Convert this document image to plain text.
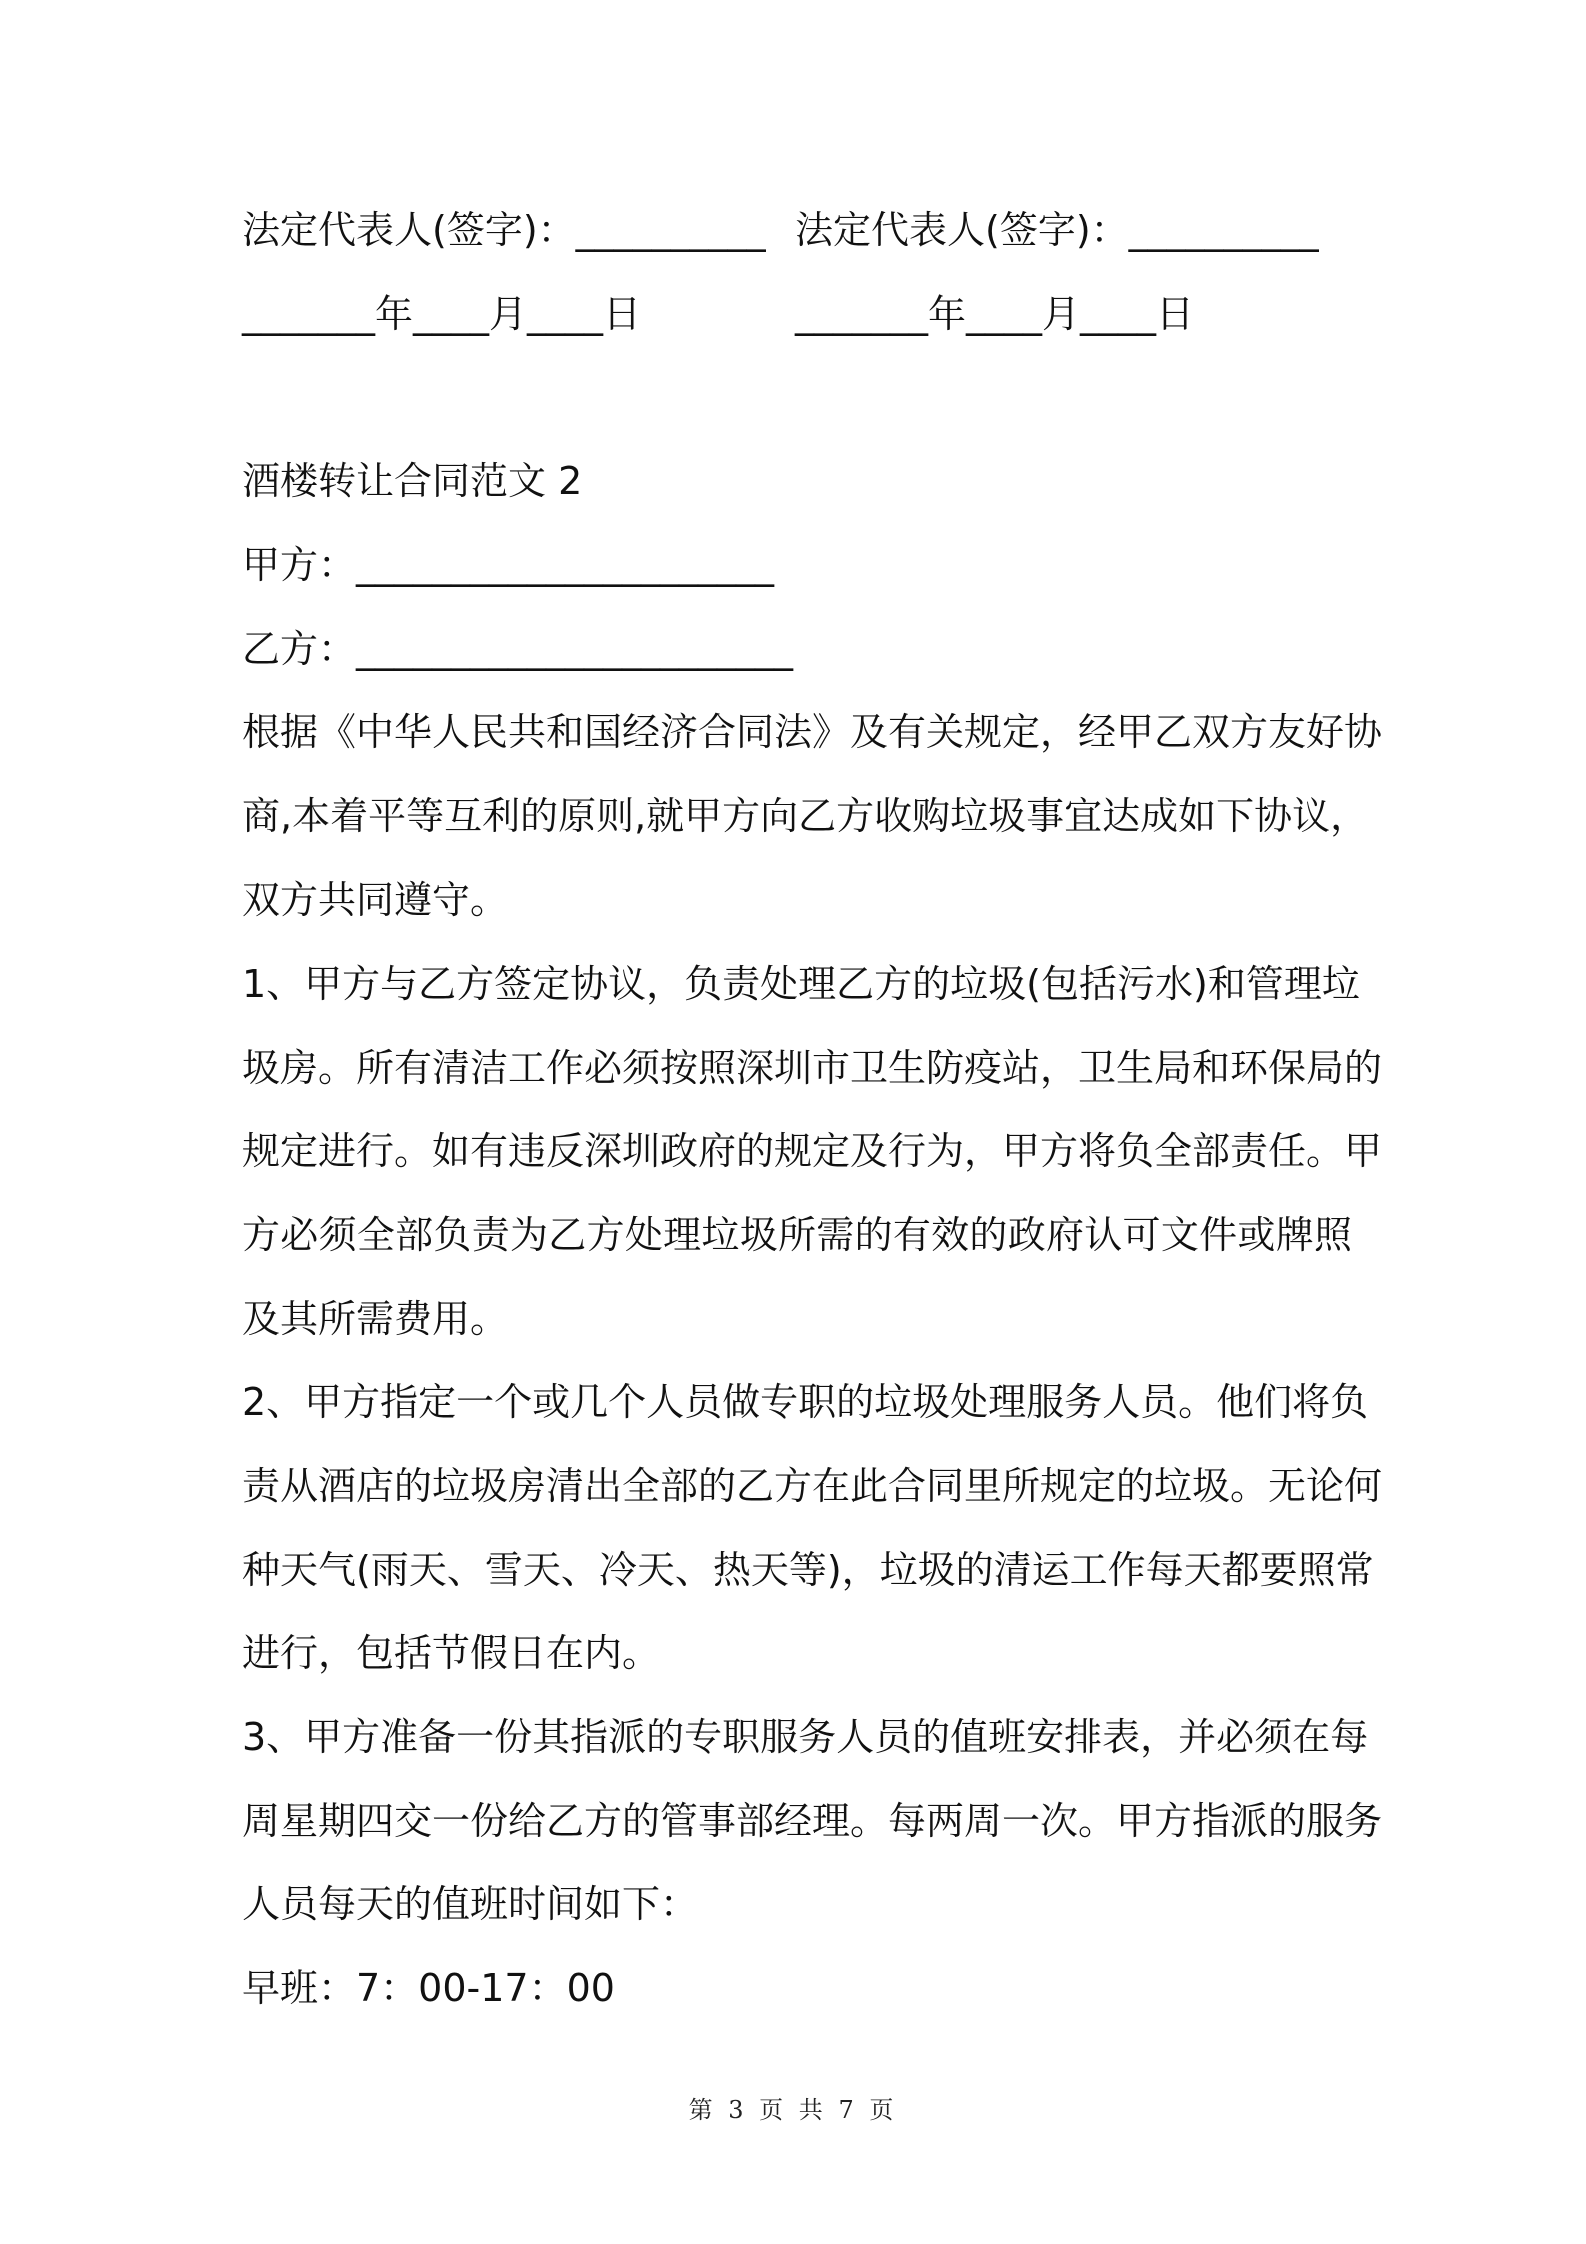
法定代表人(签字)：__________ 法定代表人(签字)：__________
_______年____月____日	_______年____月____日
酒楼转让合同范文 2
甲方：______________________
乙方：_______________________
根据《中华人民共和国经济合同法》及有关规定，经甲乙双方友好协
商,本着平等互利的原则,就甲方向乙方收购垃圾事宜达成如下协议，
双方共同遵守。
1、甲方与乙方签定协议，负责处理乙方的垃圾(包括污水)和管理垃
圾房。所有清洁工作必须按照深圳市卫生防疫站，卫生局和环保局的
规定进行。如有违反深圳政府的规定及行为，甲方将负全部责任。甲
方必须全部负责为乙方处理垃圾所需的有效的政府认可文件或牌照
及其所需费用。
2、甲方指定一个或几个人员做专职的垃圾处理服务人员。他们将负
责从酒店的垃圾房清出全部的乙方在此合同里所规定的垃圾。无论何
种天气(雨天、雪天、冷天、热天等)，垃圾的清运工作每天都要照常
进行，包括节假日在内。
3、甲方准备一份其指派的专职服务人员的值班安排表，并必须在每
周星期四交一份给乙方的管事部经理。每两周一次。甲方指派的服务
人员每天的值班时间如下：
早班：7：00-17：00
第 3 页 共 7 页
